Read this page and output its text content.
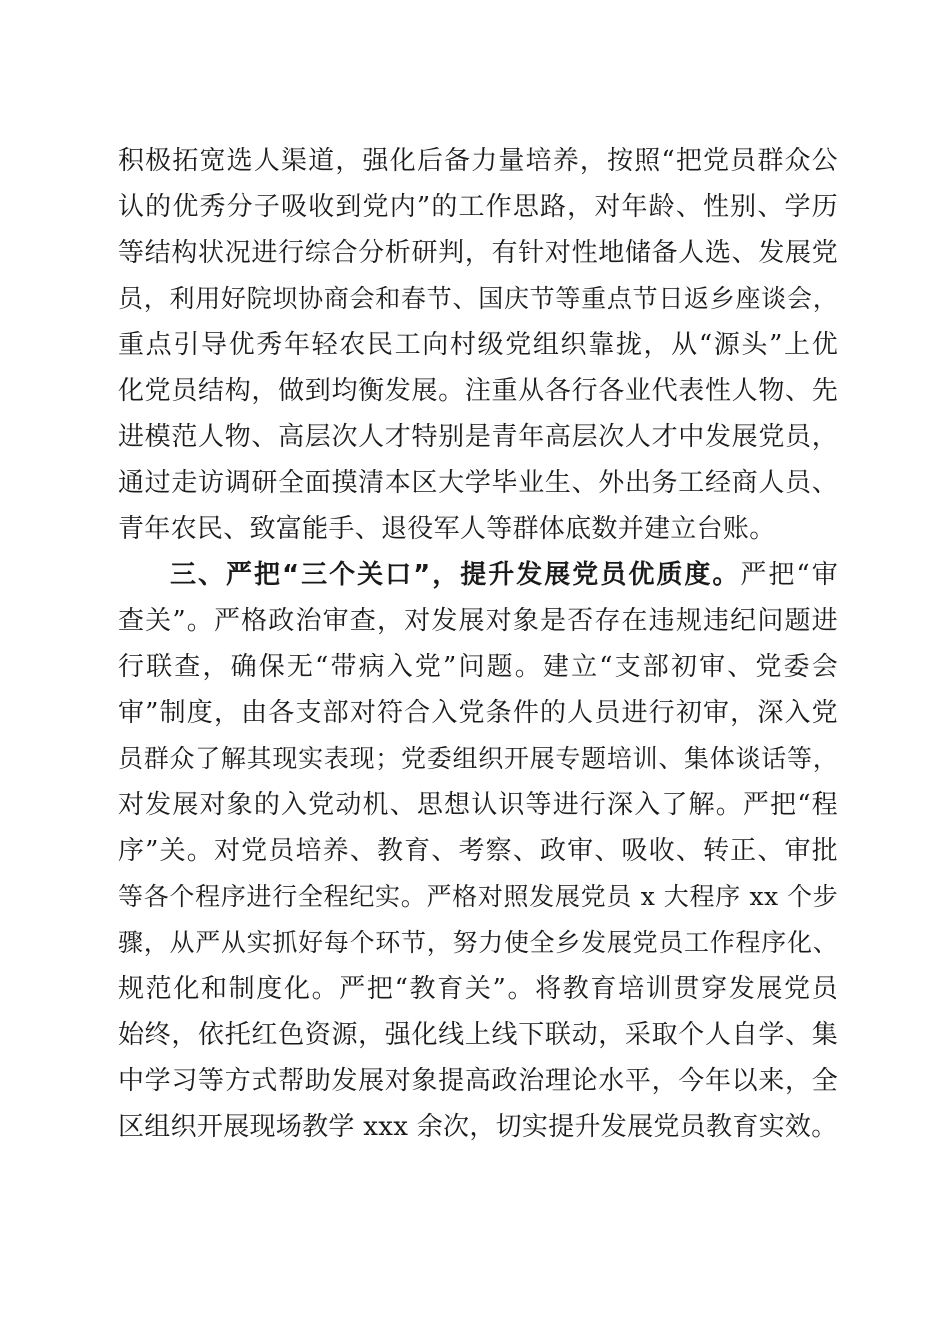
积极拓宽选人渠道，强化后备力量培养，按照“把党员群众公
认的优秀分子吸收到党内”的工作思路，对年龄、性别、学历
等结构状况进行综合分析研判，有针对性地储备人选、发展党
员，利用好院坝协商会和春节、国庆节等重点节日返乡座谈会，
重点引导优秀年轻农民工向村级党组织靠拢，从“源头”上优
化党员结构，做到均衡发展。注重从各行各业代表性人物、先
进模范人物、高层次人才特别是青年高层次人才中发展党员，
通过走访调研全面摸清本区大学毕业生、外出务工经商人员、
青年农民、致富能手、退役军人等群体底数并建立台账。
三、严把“三个关口”，提升发展党员优质度。严把“审
查关”。严格政治审查，对发展对象是否存在违规违纪问题进
行联查，确保无“带病入党”问题。建立“支部初审、党委会
审”制度，由各支部对符合入党条件的人员进行初审，深入党
员群众了解其现实表现；党委组织开展专题培训、集体谈话等，
对发展对象的入党动机、思想认识等进行深入了解。严把“程
序”关。对党员培养、教育、考察、政审、吸收、转正、审批
等各个程序进行全程纪实。严格对照发展党员 x 大程序 xx 个步
骤，从严从实抓好每个环节，努力使全乡发展党员工作程序化、
规范化和制度化。严把“教育关”。将教育培训贯穿发展党员
始终，依托红色资源，强化线上线下联动，采取个人自学、集
中学习等方式帮助发展对象提高政治理论水平，今年以来，全
区组织开展现场教学 xxx 余次，切实提升发展党员教育实效。
